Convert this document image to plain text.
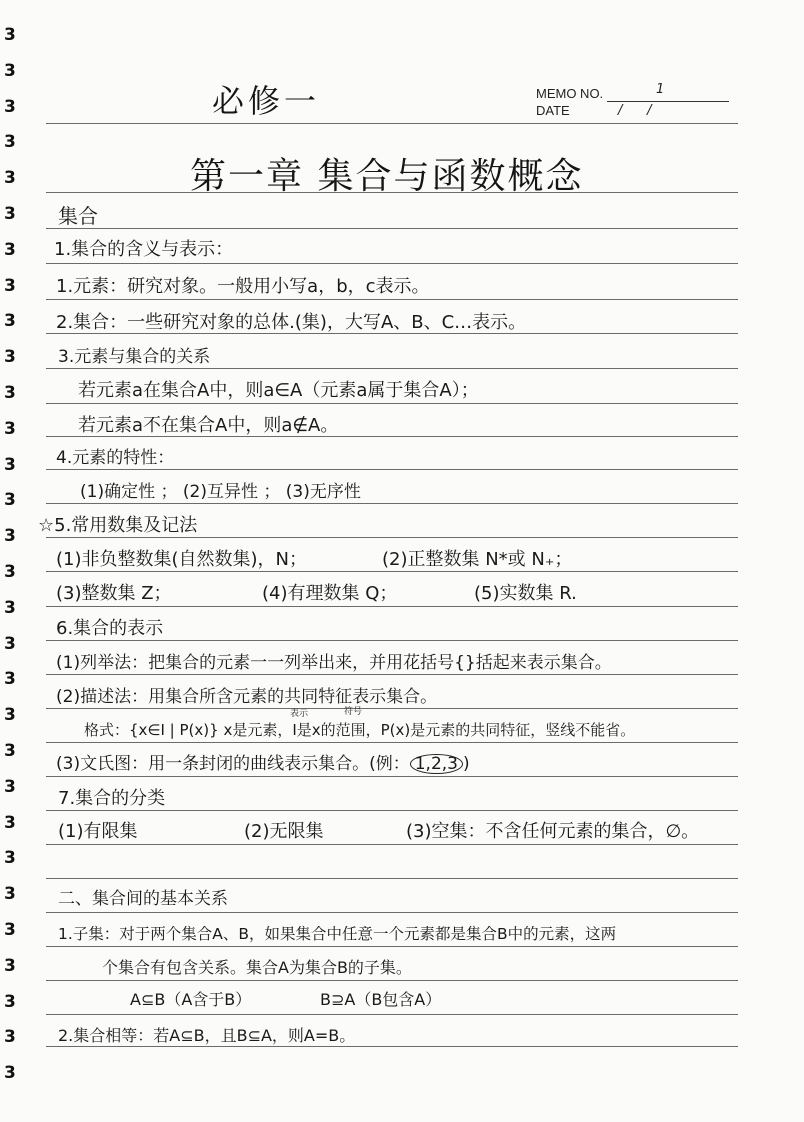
3
3
3
3
3
3
3
3
3
3
3
3
3
3
3
3
3
3
3
3
3
3
3
3
3
3
3
3
3
3
MEMO NO.	1
DATE	/      /
必修一
第一章 集合与函数概念
集合
1.集合的含义与表示：
1.元素：研究对象。一般用小写a，b，c表示。
2.集合：一些研究对象的总体.(集)，大写A、B、C…表示。
3.元素与集合的关系
若元素a在集合A中，则a∈A（元素a属于集合A）；
若元素a不在集合A中，则a∉A。
4.元素的特性：
(1)确定性 ； (2)互异性 ； (3)无序性
☆5.常用数集及记法
(1)非负整数集(自然数集)，N；	(2)正整数集 N*或 N₊；
(3)整数集 Z；	(4)有理数集 Q；	(5)实数集 R.
6.集合的表示
(1)列举法：把集合的元素一一列举出来，并用花括号{}括起来表示集合。
(2)描述法：用集合所含元素的共同特征表示集合。
格式：{x∈I | P(x)} x是元素，I是x的范围，P(x)是元素的共同特征，竖线不能省。
表示	符号
(3)文氏图：用一条封闭的曲线表示集合。(例： 1,2,3 )
7.集合的分类
(1)有限集	(2)无限集	(3)空集：不含任何元素的集合，∅。
二、集合间的基本关系
1.子集：对于两个集合A、B，如果集合中任意一个元素都是集合B中的元素，这两
个集合有包含关系。集合A为集合B的子集。
A⊆B（A含于B）	B⊇A（B包含A）
2.集合相等：若A⊆B，且B⊆A，则A=B。
